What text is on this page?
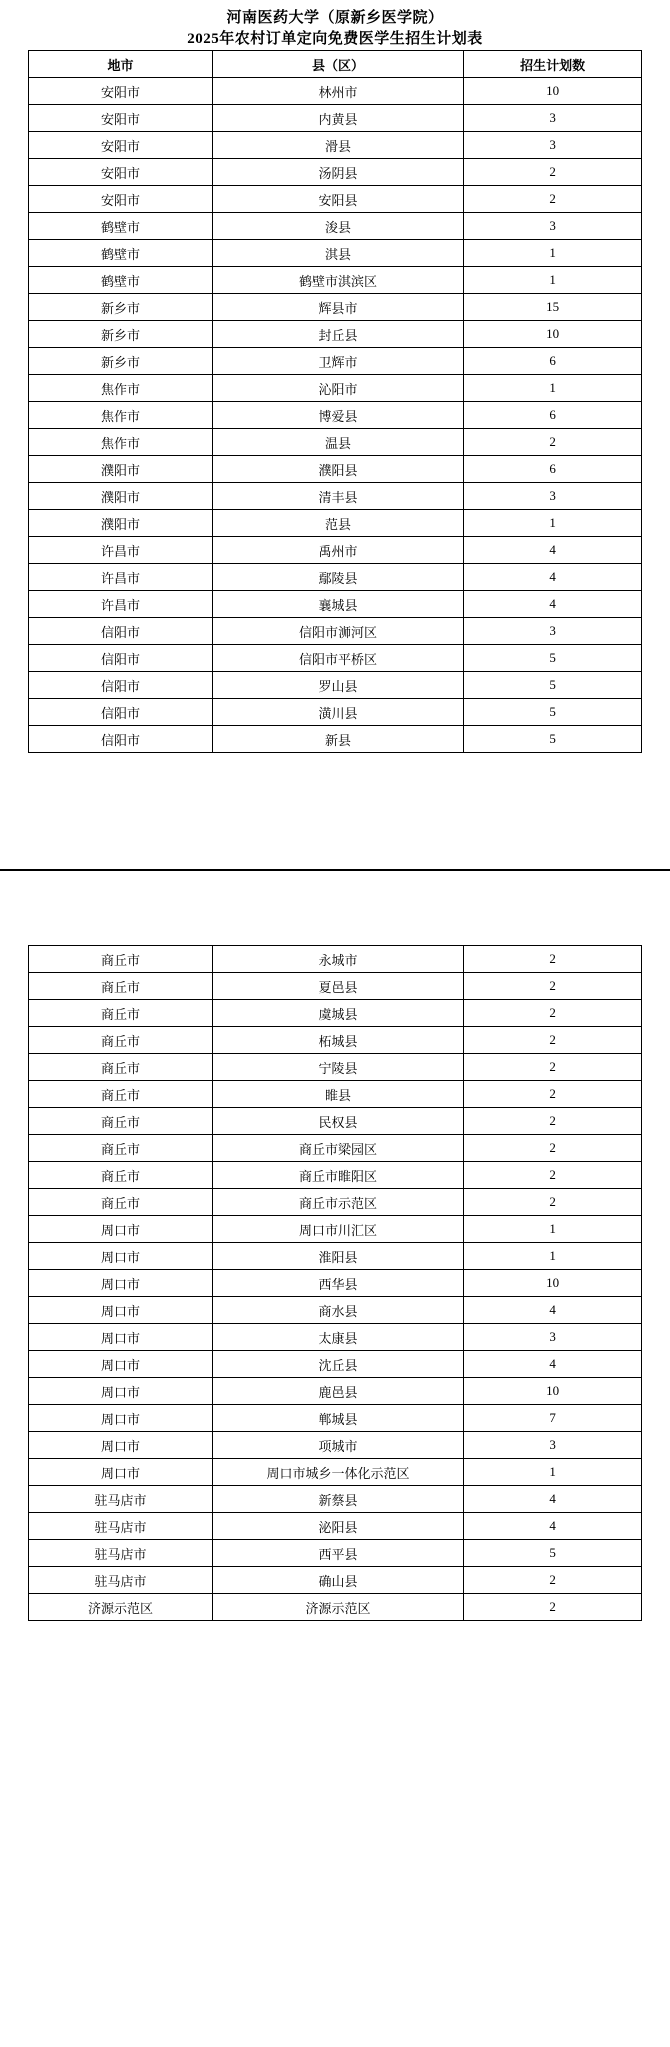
河南医药大学（原新乡医学院）
2025年农村订单定向免费医学生招生计划表
地市	县（区）	招生计划数
安阳市	林州市	10
安阳市	内黄县	3
安阳市	滑县	3
安阳市	汤阴县	2
安阳市	安阳县	2
鹤壁市	浚县	3
鹤壁市	淇县	1
鹤壁市	鹤壁市淇滨区	1
新乡市	辉县市	15
新乡市	封丘县	10
新乡市	卫辉市	6
焦作市	沁阳市	1
焦作市	博爱县	6
焦作市	温县	2
濮阳市	濮阳县	6
濮阳市	清丰县	3
濮阳市	范县	1
许昌市	禹州市	4
许昌市	鄢陵县	4
许昌市	襄城县	4
信阳市	信阳市浉河区	3
信阳市	信阳市平桥区	5
信阳市	罗山县	5
信阳市	潢川县	5
信阳市	新县	5
商丘市	永城市	2
商丘市	夏邑县	2
商丘市	虞城县	2
商丘市	柘城县	2
商丘市	宁陵县	2
商丘市	睢县	2
商丘市	民权县	2
商丘市	商丘市梁园区	2
商丘市	商丘市睢阳区	2
商丘市	商丘市示范区	2
周口市	周口市川汇区	1
周口市	淮阳县	1
周口市	西华县	10
周口市	商水县	4
周口市	太康县	3
周口市	沈丘县	4
周口市	鹿邑县	10
周口市	郸城县	7
周口市	项城市	3
周口市	周口市城乡一体化示范区	1
驻马店市	新蔡县	4
驻马店市	泌阳县	4
驻马店市	西平县	5
驻马店市	确山县	2
济源示范区	济源示范区	2
